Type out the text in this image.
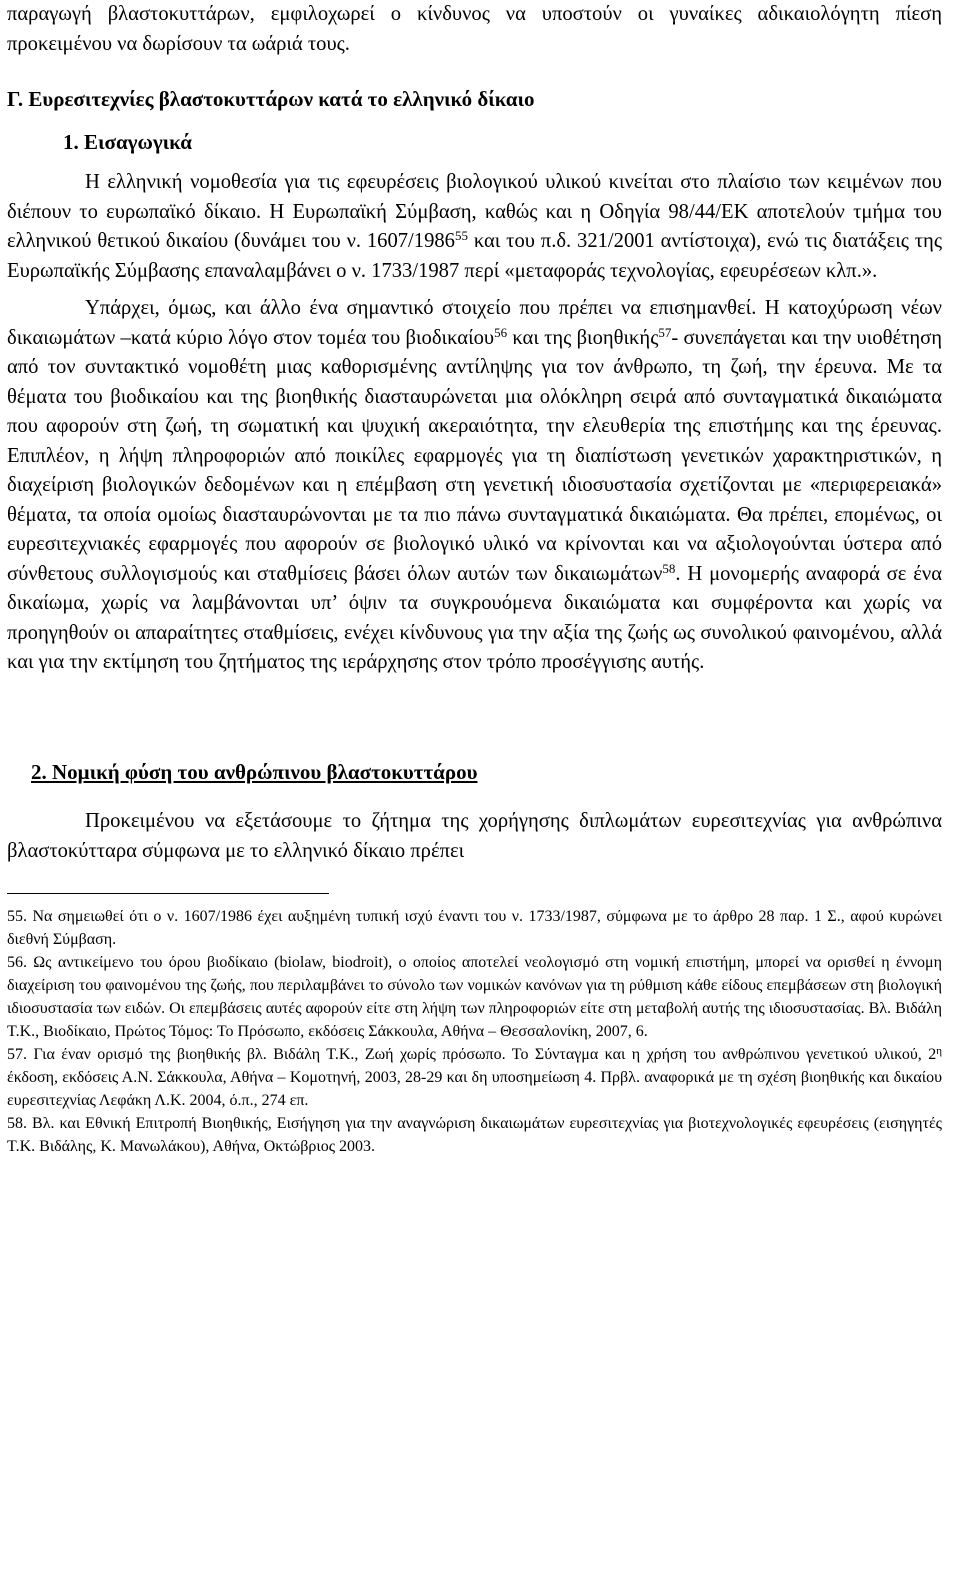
παραγωγή βλαστοκυττάρων, εμφιλοχωρεί ο κίνδυνος να υποστούν οι γυναίκες αδικαιολόγητη πίεση προκειμένου να δωρίσουν τα ωάριά τους.

Γ. Ευρεσιτεχνίες βλαστοκυττάρων κατά το ελληνικό δίκαιο

1. Εισαγωγικά

Η ελληνική νομοθεσία για τις εφευρέσεις βιολογικού υλικού κινείται στο πλαίσιο των κειμένων που διέπουν το ευρωπαϊκό δίκαιο. Η Ευρωπαϊκή Σύμβαση, καθώς και η Οδηγία 98/44/ΕΚ αποτελούν τμήμα του ελληνικού θετικού δικαίου (δυνάμει του ν. 1607/1986$^{55}$ και του π.δ. 321/2001 αντίστοιχα), ενώ τις διατάξεις της Ευρωπαϊκής Σύμβασης επαναλαμβάνει ο ν. 1733/1987 περί «μεταφοράς τεχνολογίας, εφευρέσεων κλπ.».

Υπάρχει, όμως, και άλλο ένα σημαντικό στοιχείο που πρέπει να επισημανθεί. Η κατοχύρωση νέων δικαιωμάτων –κατά κύριο λόγο στον τομέα του βιοδικαίου$^{56}$ και της βιοηθικής$^{57}$- συνεπάγεται και την υιοθέτηση από τον συντακτικό νομοθέτη μιας καθορισμένης αντίληψης για τον άνθρωπο, τη ζωή, την έρευνα. Με τα θέματα του βιοδικαίου και της βιοηθικής διασταυρώνεται μια ολόκληρη σειρά από συνταγματικά δικαιώματα που αφορούν στη ζωή, τη σωματική και ψυχική ακεραιότητα, την ελευθερία της επιστήμης και της έρευνας. Επιπλέον, η λήψη πληροφοριών από ποικίλες εφαρμογές για τη διαπίστωση γενετικών χαρακτηριστικών, η διαχείριση βιολογικών δεδομένων και η επέμβαση στη γενετική ιδιοσυστασία σχετίζονται με «περιφερειακά» θέματα, τα οποία ομοίως διασταυρώνονται με τα πιο πάνω συνταγματικά δικαιώματα. Θα πρέπει, επομένως, οι ευρεσιτεχνιακές εφαρμογές που αφορούν σε βιολογικό υλικό να κρίνονται και να αξιολογούνται ύστερα από σύνθετους συλλογισμούς και σταθμίσεις βάσει όλων αυτών των δικαιωμάτων$^{58}$. Η μονομερής αναφορά σε ένα δικαίωμα, χωρίς να λαμβάνονται υπ’ όψιν τα συγκρουόμενα δικαιώματα και συμφέροντα και χωρίς να προηγηθούν οι απαραίτητες σταθμίσεις, ενέχει κίνδυνους για την αξία της ζωής ως συνολικού φαινομένου, αλλά και για την εκτίμηση του ζητήματος της ιεράρχησης στον τρόπο προσέγγισης αυτής.

2. Νομική φύση του ανθρώπινου βλαστοκυττάρου

Προκειμένου να εξετάσουμε το ζήτημα της χορήγησης διπλωμάτων ευρεσιτεχνίας για ανθρώπινα βλαστοκύτταρα σύμφωνα με το ελληνικό δίκαιο πρέπει

55. Να σημειωθεί ότι ο ν. 1607/1986 έχει αυξημένη τυπική ισχύ έναντι του ν. 1733/1987, σύμφωνα με το άρθρο 28 παρ. 1 Σ., αφού κυρώνει διεθνή Σύμβαση.

56. Ως αντικείμενο του όρου βιοδίκαιο (biolaw, biodroit), ο οποίος αποτελεί νεολογισμό στη νομική επιστήμη, μπορεί να ορισθεί η έννομη διαχείριση του φαινομένου της ζωής, που περιλαμβάνει το σύνολο των νομικών κανόνων για τη ρύθμιση κάθε είδους επεμβάσεων στη βιολογική ιδιοσυστασία των ειδών. Οι επεμβάσεις αυτές αφορούν είτε στη λήψη των πληροφοριών είτε στη μεταβολή αυτής της ιδιοσυστασίας. Βλ. Βιδάλη Τ.Κ., Βιοδίκαιο, Πρώτος Τόμος: Το Πρόσωπο, εκδόσεις Σάκκουλα, Αθήνα – Θεσσαλονίκη, 2007, 6.

57. Για έναν ορισμό της βιοηθικής βλ. Βιδάλη Τ.Κ., Ζωή χωρίς πρόσωπο. Το Σύνταγμα και η χρήση του ανθρώπινου γενετικού υλικού, $2^\eta$ έκδοση, εκδόσεις Α.Ν. Σάκκουλα, Αθήνα – Κομοτηνή, 2003, 28-29 και δη υποσημείωση 4. Πρβλ. αναφορικά με τη σχέση βιοηθικής και δικαίου ευρεσιτεχνίας Λεφάκη Λ.Κ. 2004, ό.π., 274 επ.

58. Βλ. και Εθνική Επιτροπή Βιοηθικής, Εισήγηση για την αναγνώριση δικαιωμάτων ευρεσιτεχνίας για βιοτεχνολογικές εφευρέσεις (εισηγητές Τ.Κ. Βιδάλης, Κ. Μανωλάκου), Αθήνα, Οκτώβριος 2003.
